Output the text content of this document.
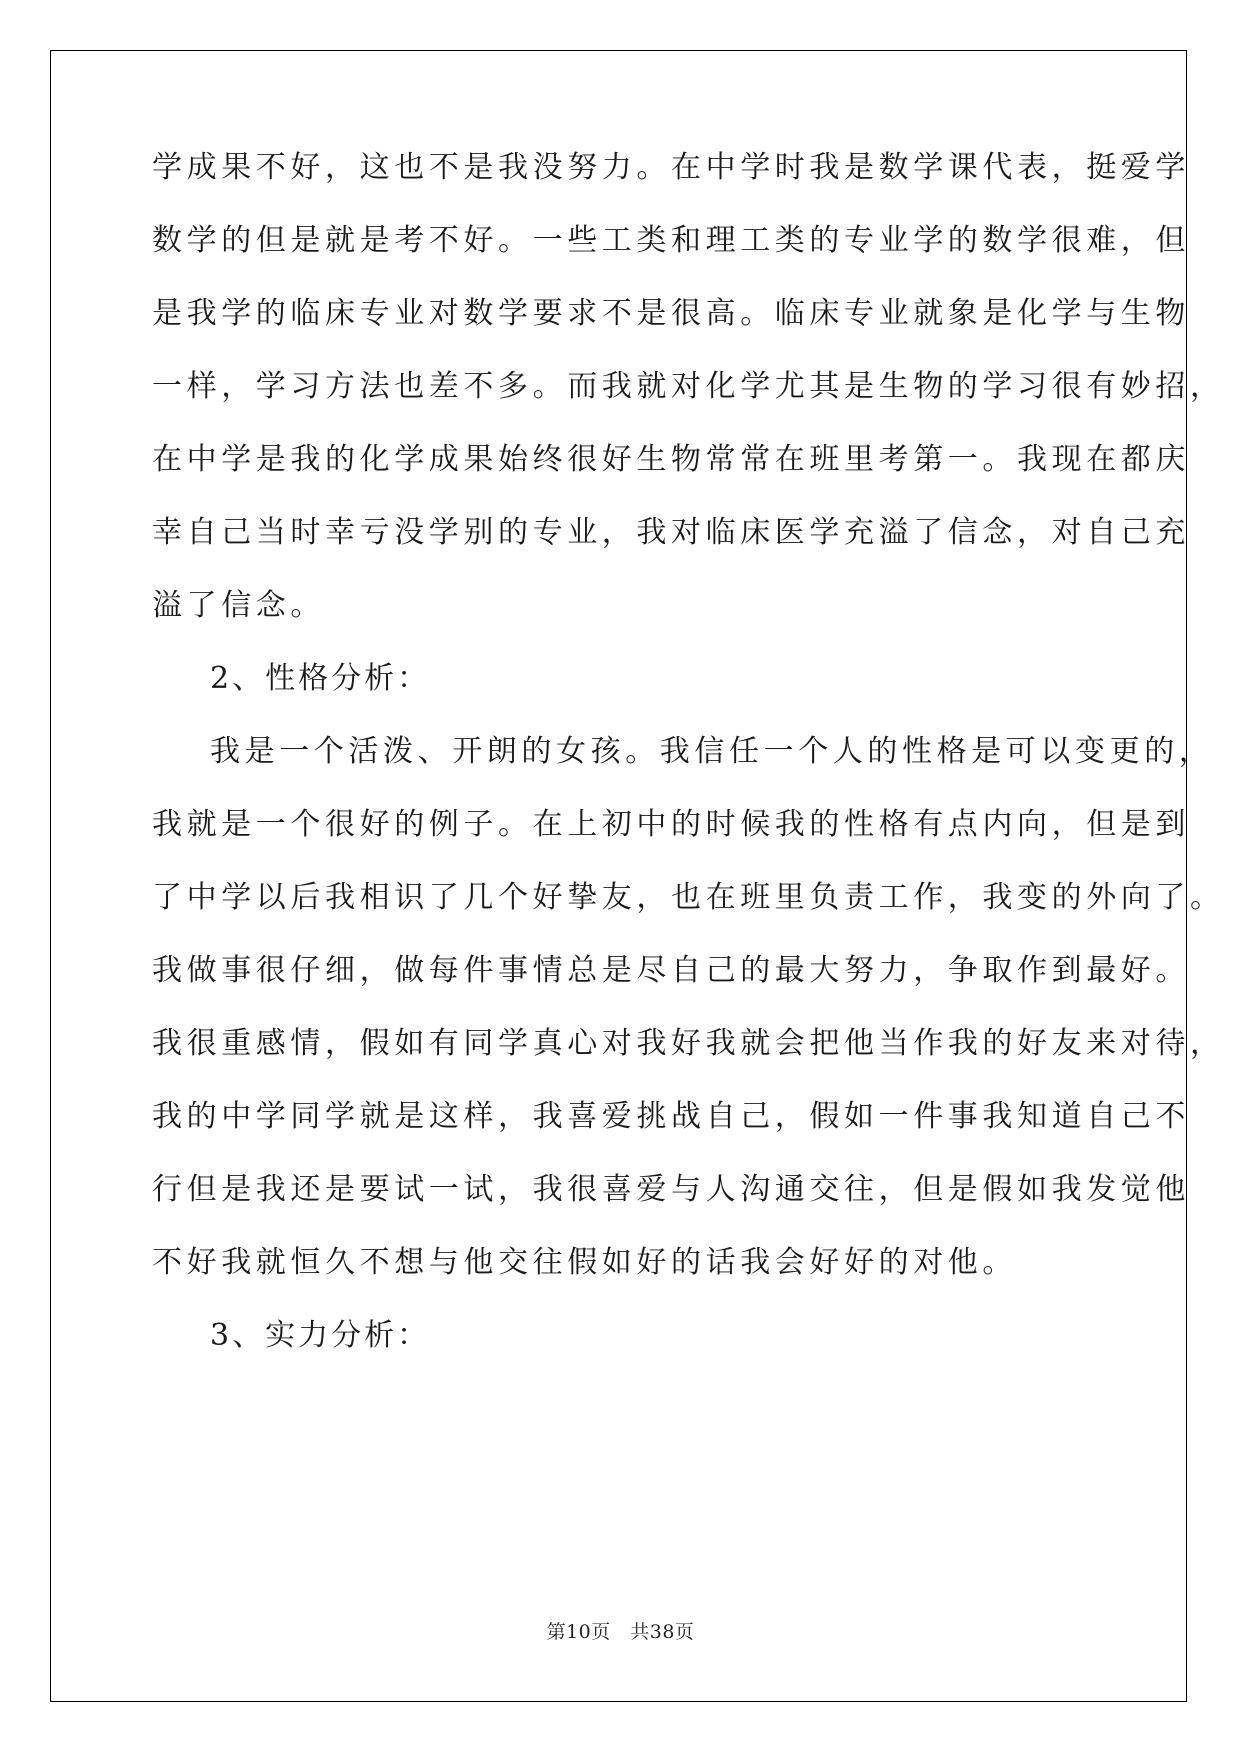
学成果不好，这也不是我没努力。在中学时我是数学课代表，挺爱学
数学的但是就是考不好。一些工类和理工类的专业学的数学很难，但
是我学的临床专业对数学要求不是很高。临床专业就象是化学与生物
一样，学习方法也差不多。而我就对化学尤其是生物的学习很有妙招，
在中学是我的化学成果始终很好生物常常在班里考第一。我现在都庆
幸自己当时幸亏没学别的专业，我对临床医学充溢了信念，对自己充
溢了信念。
2、性格分析：
我是一个活泼、开朗的女孩。我信任一个人的性格是可以变更的，
我就是一个很好的例子。在上初中的时候我的性格有点内向，但是到
了中学以后我相识了几个好挚友，也在班里负责工作，我变的外向了。
我做事很仔细，做每件事情总是尽自己的最大努力，争取作到最好。
我很重感情，假如有同学真心对我好我就会把他当作我的好友来对待，
我的中学同学就是这样，我喜爱挑战自己，假如一件事我知道自己不
行但是我还是要试一试，我很喜爱与人沟通交往，但是假如我发觉他
不好我就恒久不想与他交往假如好的话我会好好的对他。
3、实力分析：
第10页　共38页
